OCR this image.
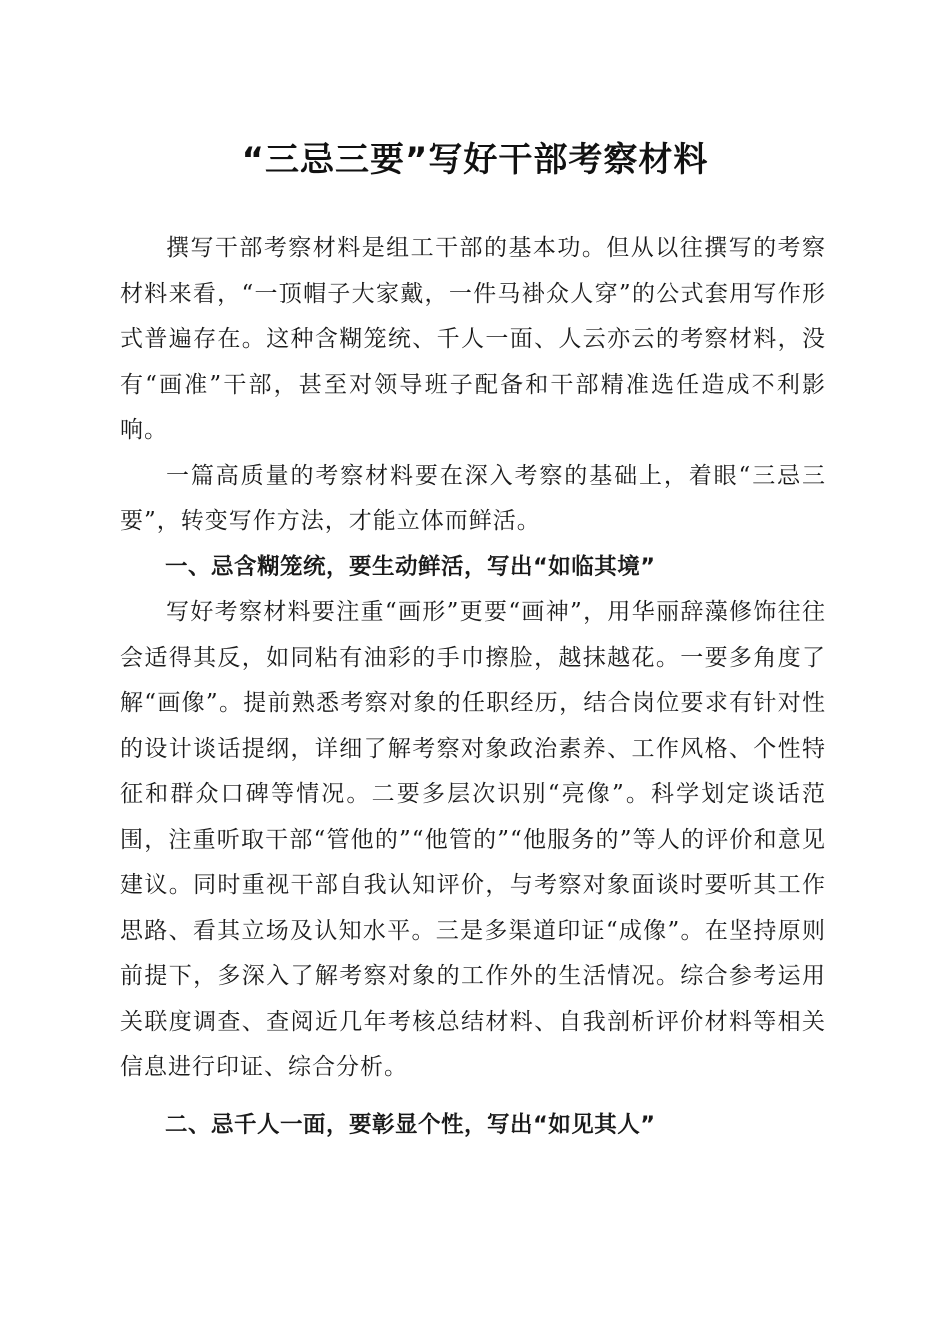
“三忌三要”写好干部考察材料

撰写干部考察材料是组工干部的基本功。但从以往撰写的考察材料来看，“一顶帽子大家戴，一件马褂众人穿”的公式套用写作形式普遍存在。这种含糊笼统、千人一面、人云亦云的考察材料，没有“画准”干部，甚至对领导班子配备和干部精准选任造成不利影响。

一篇高质量的考察材料要在深入考察的基础上，着眼“三忌三要”，转变写作方法，才能立体而鲜活。

一、忌含糊笼统，要生动鲜活，写出“如临其境”

写好考察材料要注重“画形”更要“画神”，用华丽辞藻修饰往往会适得其反，如同粘有油彩的手巾擦脸，越抹越花。一要多角度了解“画像”。提前熟悉考察对象的任职经历，结合岗位要求有针对性的设计谈话提纲，详细了解考察对象政治素养、工作风格、个性特征和群众口碑等情况。二要多层次识别“亮像”。科学划定谈话范围，注重听取干部“管他的”“他管的”“他服务的”等人的评价和意见建议。同时重视干部自我认知评价，与考察对象面谈时要听其工作思路、看其立场及认知水平。三是多渠道印证“成像”。在坚持原则前提下，多深入了解考察对象的工作外的生活情况。综合参考运用关联度调查、查阅近几年考核总结材料、自我剖析评价材料等相关信息进行印证、综合分析。

二、忌千人一面，要彰显个性，写出“如见其人”
